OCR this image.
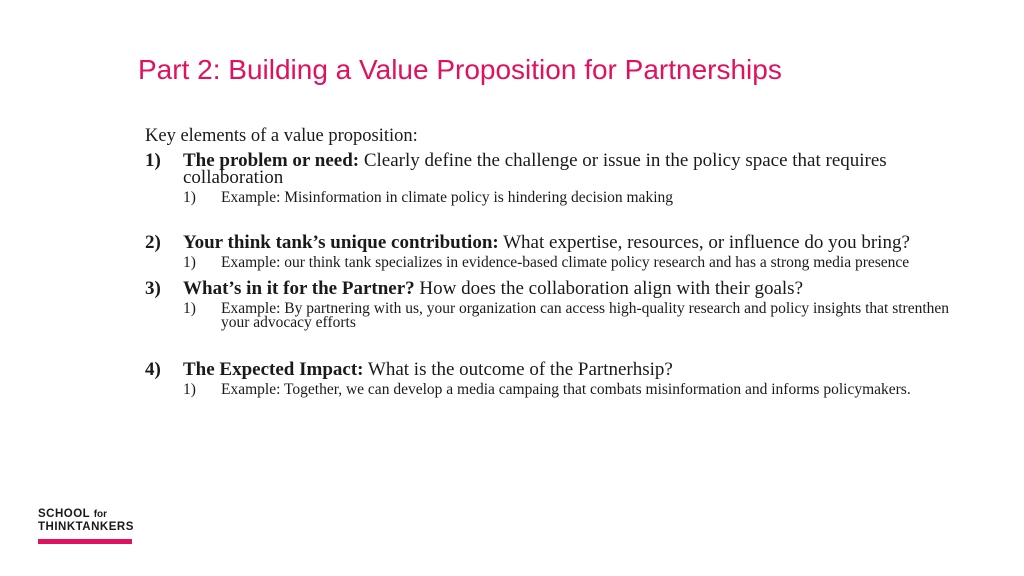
Part 2: Building a Value Proposition for Partnerships
Key elements of a value proposition:
1) The problem or need: Clearly define the challenge or issue in the policy space that requires collaboration
1) Example: Misinformation in climate policy is hindering decision making
2) Your think tank’s unique contribution: What expertise, resources, or influence do you bring?
1) Example: our think tank specializes in evidence-based climate policy research and has a strong media presence
3) What’s in it for the Partner? How does the collaboration align with their goals?
1) Example: By partnering with us, your organization can access high-quality research and policy insights that strenthen your advocacy efforts
4) The Expected Impact: What is the outcome of the Partnerhsip?
1) Example: Together, we can develop a media campaing that combats misinformation and informs policymakers.
SCHOOL for
THINKTANKERS
